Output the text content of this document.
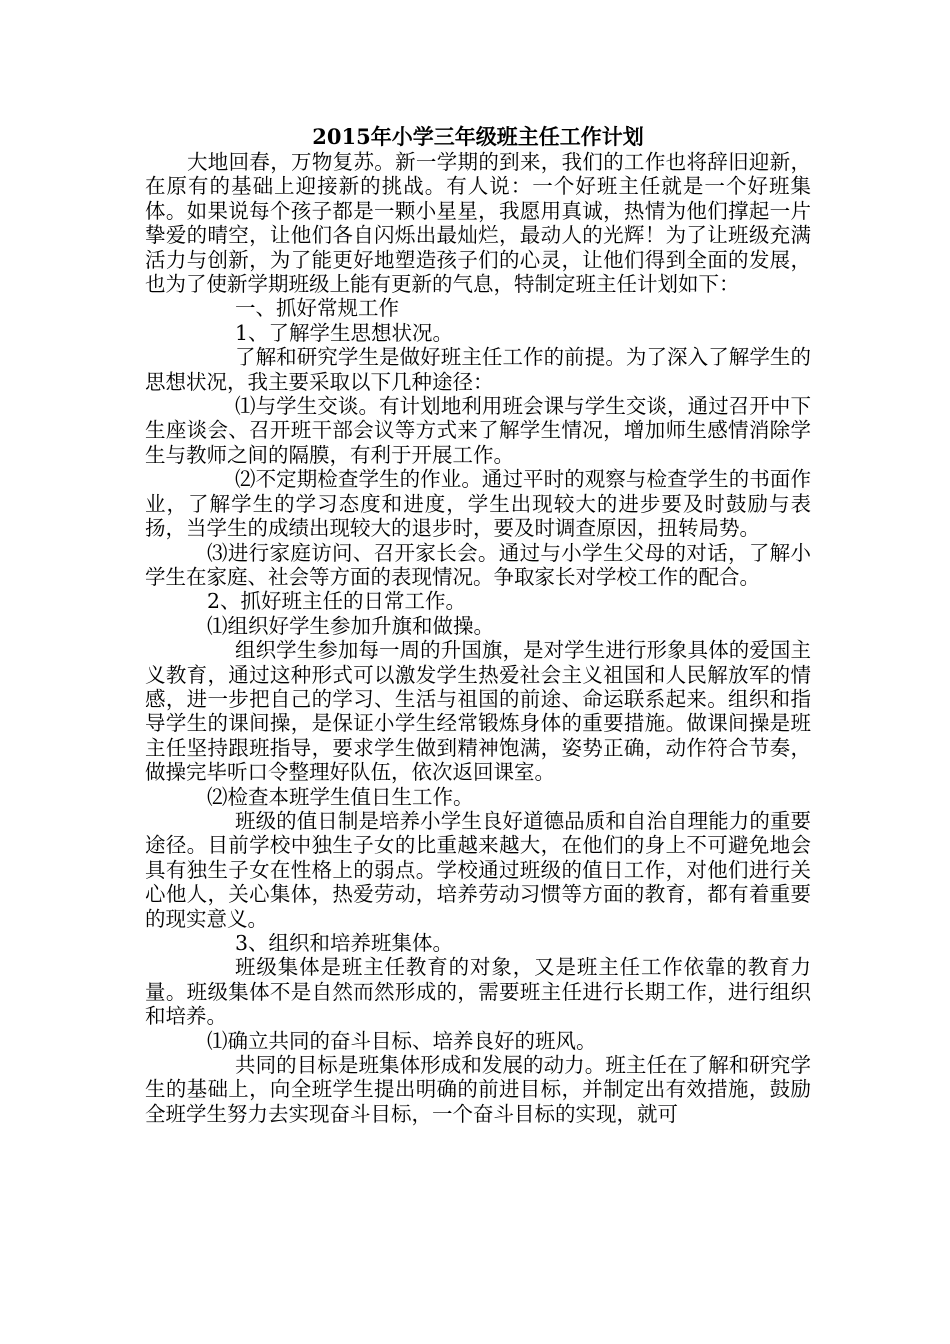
2015年小学三年级班主任工作计划

大地回春，万物复苏。新一学期的到来，我们的工作也将辞旧迎新，在原有的基础上迎接新的挑战。有人说：一个好班主任就是一个好班集体。如果说每个孩子都是一颗小星星，我愿用真诚，热情为他们撑起一片挚爱的晴空，让他们各自闪烁出最灿烂，最动人的光辉！为了让班级充满活力与创新，为了能更好地塑造孩子们的心灵，让他们得到全面的发展，也为了使新学期班级上能有更新的气息，特制定班主任计划如下：

一、抓好常规工作

1、了解学生思想状况。

了解和研究学生是做好班主任工作的前提。为了深入了解学生的思想状况，我主要采取以下几种途径：

⑴与学生交谈。有计划地利用班会课与学生交谈，通过召开中下生座谈会、召开班干部会议等方式来了解学生情况，增加师生感情消除学生与教师之间的隔膜，有利于开展工作。

⑵不定期检查学生的作业。通过平时的观察与检查学生的书面作业，了解学生的学习态度和进度，学生出现较大的进步要及时鼓励与表扬，当学生的成绩出现较大的退步时，要及时调查原因，扭转局势。

⑶进行家庭访问、召开家长会。通过与小学生父母的对话，了解小学生在家庭、社会等方面的表现情况。争取家长对学校工作的配合。

2、抓好班主任的日常工作。

⑴组织好学生参加升旗和做操。

组织学生参加每一周的升国旗，是对学生进行形象具体的爱国主义教育，通过这种形式可以激发学生热爱社会主义祖国和人民解放军的情感，进一步把自己的学习、生活与祖国的前途、命运联系起来。组织和指导学生的课间操，是保证小学生经常锻炼身体的重要措施。做课间操是班主任坚持跟班指导，要求学生做到精神饱满，姿势正确，动作符合节奏，做操完毕听口令整理好队伍，依次返回课室。

⑵检查本班学生值日生工作。

班级的值日制是培养小学生良好道德品质和自治自理能力的重要途径。目前学校中独生子女的比重越来越大，在他们的身上不可避免地会具有独生子女在性格上的弱点。学校通过班级的值日工作，对他们进行关心他人，关心集体，热爱劳动，培养劳动习惯等方面的教育，都有着重要的现实意义。

3、组织和培养班集体。

班级集体是班主任教育的对象，又是班主任工作依靠的教育力量。班级集体不是自然而然形成的，需要班主任进行长期工作，进行组织和培养。

⑴确立共同的奋斗目标、培养良好的班风。

共同的目标是班集体形成和发展的动力。班主任在了解和研究学生的基础上，向全班学生提出明确的前进目标，并制定出有效措施，鼓励全班学生努力去实现奋斗目标，一个奋斗目标的实现，就可
